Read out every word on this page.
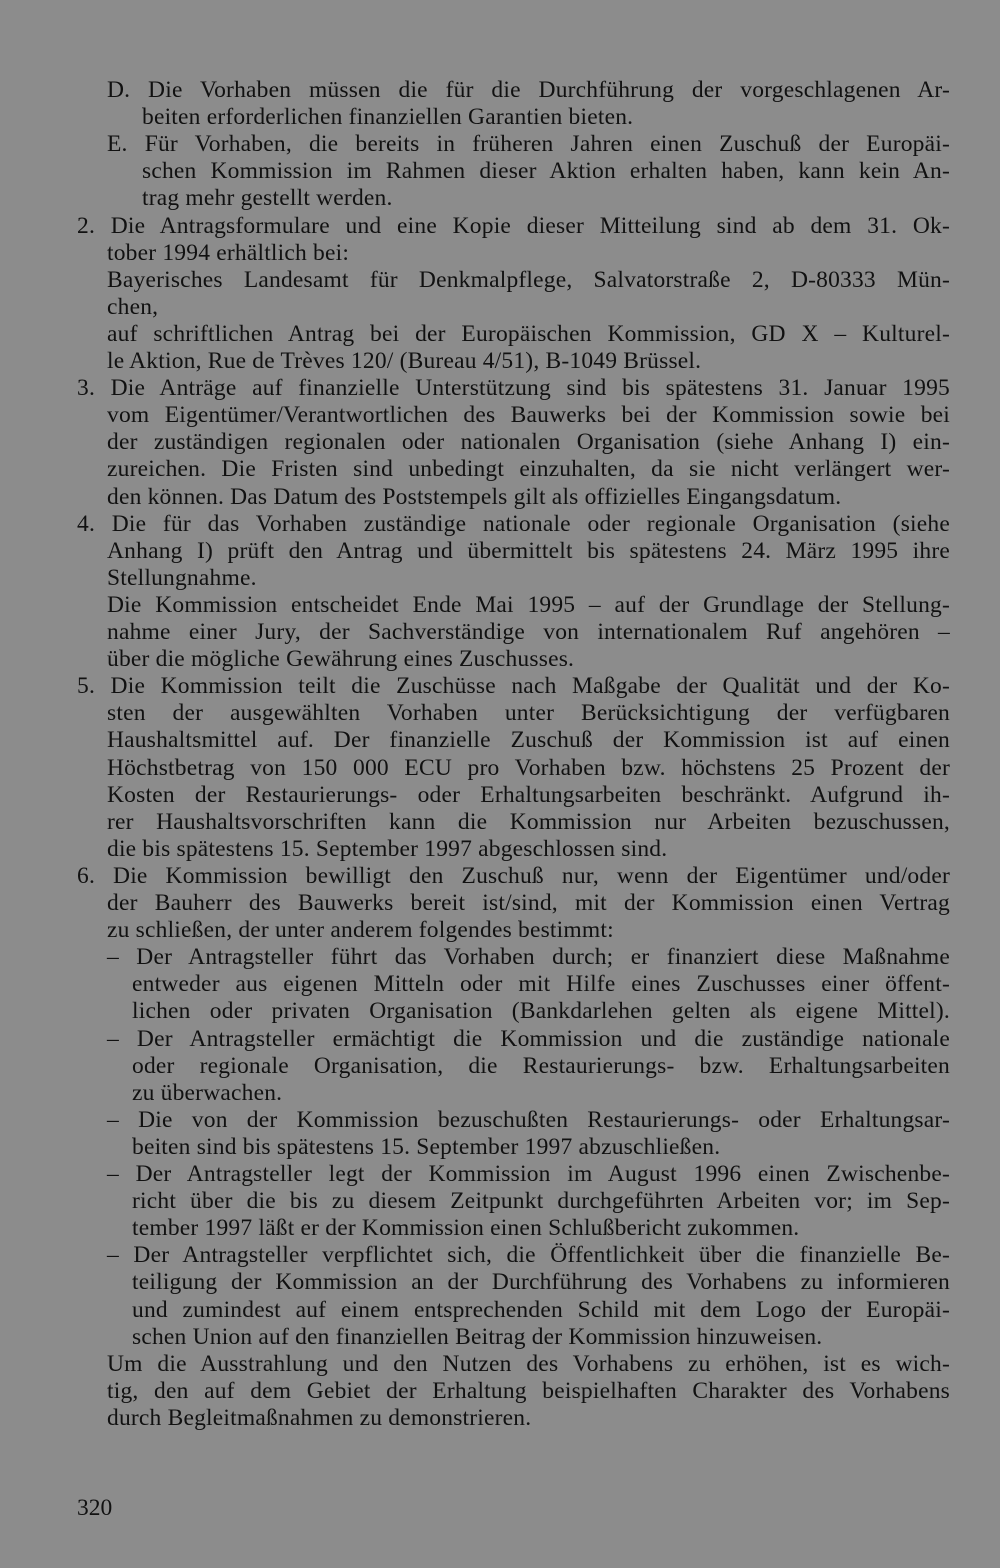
D. Die Vorhaben müssen die für die Durchführung der vorgeschlagenen Ar-
beiten erforderlichen finanziellen Garantien bieten.
E. Für Vorhaben, die bereits in früheren Jahren einen Zuschuß der Europäi-
schen Kommission im Rahmen dieser Aktion erhalten haben, kann kein An-
trag mehr gestellt werden.
2. Die Antragsformulare und eine Kopie dieser Mitteilung sind ab dem 31. Ok-
tober 1994 erhältlich bei:
Bayerisches Landesamt für Denkmalpflege, Salvatorstraße 2, D-80333 Mün-
chen,
auf schriftlichen Antrag bei der Europäischen Kommission, GD X – Kulturel-
le Aktion, Rue de Trèves 120/ (Bureau 4/51), B-1049 Brüssel.
3. Die Anträge auf finanzielle Unterstützung sind bis spätestens 31. Januar 1995
vom Eigentümer/Verantwortlichen des Bauwerks bei der Kommission sowie bei
der zuständigen regionalen oder nationalen Organisation (siehe Anhang I) ein-
zureichen. Die Fristen sind unbedingt einzuhalten, da sie nicht verlängert wer-
den können. Das Datum des Poststempels gilt als offizielles Eingangsdatum.
4. Die für das Vorhaben zuständige nationale oder regionale Organisation (siehe
Anhang I) prüft den Antrag und übermittelt bis spätestens 24. März 1995 ihre
Stellungnahme.
Die Kommission entscheidet Ende Mai 1995 – auf der Grundlage der Stellung-
nahme einer Jury, der Sachverständige von internationalem Ruf angehören –
über die mögliche Gewährung eines Zuschusses.
5. Die Kommission teilt die Zuschüsse nach Maßgabe der Qualität und der Ko-
sten der ausgewählten Vorhaben unter Berücksichtigung der verfügbaren
Haushaltsmittel auf. Der finanzielle Zuschuß der Kommission ist auf einen
Höchstbetrag von 150 000 ECU pro Vorhaben bzw. höchstens 25 Prozent der
Kosten der Restaurierungs- oder Erhaltungsarbeiten beschränkt. Aufgrund ih-
rer Haushaltsvorschriften kann die Kommission nur Arbeiten bezuschussen,
die bis spätestens 15. September 1997 abgeschlossen sind.
6. Die Kommission bewilligt den Zuschuß nur, wenn der Eigentümer und/oder
der Bauherr des Bauwerks bereit ist/sind, mit der Kommission einen Vertrag
zu schließen, der unter anderem folgendes bestimmt:
– Der Antragsteller führt das Vorhaben durch; er finanziert diese Maßnahme
entweder aus eigenen Mitteln oder mit Hilfe eines Zuschusses einer öffent-
lichen oder privaten Organisation (Bankdarlehen gelten als eigene Mittel).
– Der Antragsteller ermächtigt die Kommission und die zuständige nationale
oder regionale Organisation, die Restaurierungs- bzw. Erhaltungsarbeiten
zu überwachen.
– Die von der Kommission bezuschußten Restaurierungs- oder Erhaltungsar-
beiten sind bis spätestens 15. September 1997 abzuschließen.
– Der Antragsteller legt der Kommission im August 1996 einen Zwischenbe-
richt über die bis zu diesem Zeitpunkt durchgeführten Arbeiten vor; im Sep-
tember 1997 läßt er der Kommission einen Schlußbericht zukommen.
– Der Antragsteller verpflichtet sich, die Öffentlichkeit über die finanzielle Be-
teiligung der Kommission an der Durchführung des Vorhabens zu informieren
und zumindest auf einem entsprechenden Schild mit dem Logo der Europäi-
schen Union auf den finanziellen Beitrag der Kommission hinzuweisen.
Um die Ausstrahlung und den Nutzen des Vorhabens zu erhöhen, ist es wich-
tig, den auf dem Gebiet der Erhaltung beispielhaften Charakter des Vorhabens
durch Begleitmaßnahmen zu demonstrieren.
320
